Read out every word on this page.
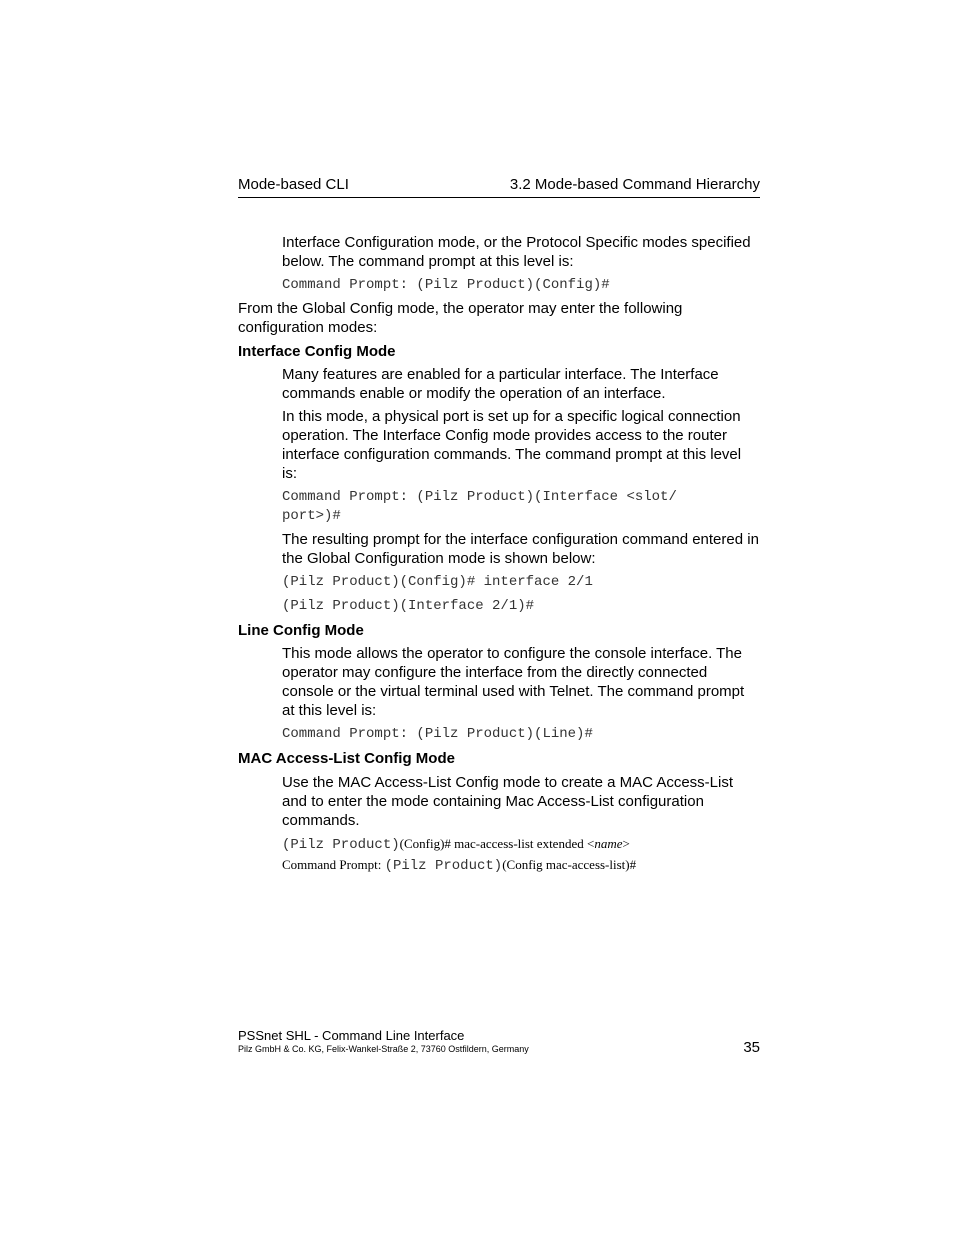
Mode-based CLI	3.2 Mode-based Command Hierarchy

Interface Configuration mode, or the Protocol Specific modes specified below. The command prompt at this level is:

Command Prompt: (Pilz Product)(Config)#

From the Global Config mode, the operator may enter the following configuration modes:

Interface Config Mode

Many features are enabled for a particular interface. The Interface commands enable or modify the operation of an interface.

In this mode, a physical port is set up for a specific logical connection operation. The Interface Config mode provides access to the router interface configuration commands. The command prompt at this level is:

Command Prompt: (Pilz Product)(Interface <slot/

port>)#

The resulting prompt for the interface configuration command entered in the Global Configuration mode is shown below:

(Pilz Product)(Config)# interface 2/1

(Pilz Product)(Interface 2/1)#

Line Config Mode

This mode allows the operator to configure the console interface. The operator may configure the interface from the directly connected console or the virtual terminal used with Telnet. The command prompt at this level is:

Command Prompt: (Pilz Product)(Line)#

MAC Access-List Config Mode

Use the MAC Access-List Config mode to create a MAC Access-List and to enter the mode containing Mac Access-List configuration commands.

(Pilz Product)(Config)# mac-access-list extended <name>
Command Prompt: (Pilz Product)(Config mac-access-list)#
PSSnet SHL - Command Line Interface
Pilz GmbH & Co. KG, Felix-Wankel-Straße 2, 73760 Ostfildern, Germany	35
